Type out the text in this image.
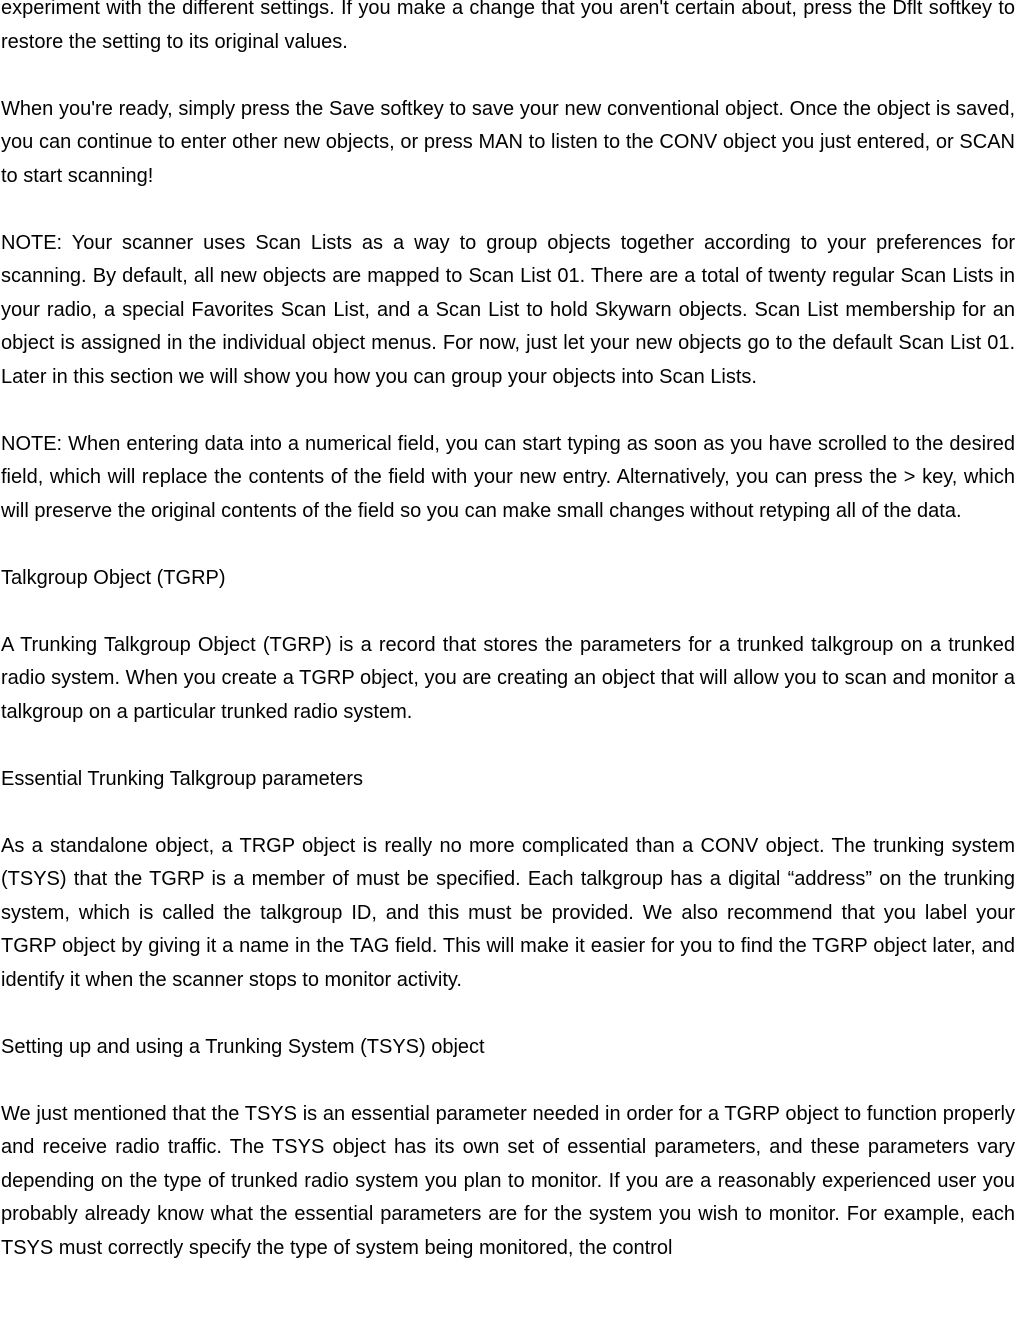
experiment with the different settings. If you make a change that you aren't certain about, press the Dflt softkey to restore the setting to its original values.

When you're ready, simply press the Save softkey to save your new conventional object. Once the object is saved, you can continue to enter other new objects, or press MAN to listen to the CONV object you just entered, or SCAN to start scanning!

NOTE: Your scanner uses Scan Lists as a way to group objects together according to your preferences for scanning. By default, all new objects are mapped to Scan List 01. There are a total of twenty regular Scan Lists in your radio, a special Favorites Scan List, and a Scan List to hold Skywarn objects. Scan List membership for an object is assigned in the individual object menus. For now, just let your new objects go to the default Scan List 01. Later in this section we will show you how you can group your objects into Scan Lists.

NOTE: When entering data into a numerical field, you can start typing as soon as you have scrolled to the desired field, which will replace the contents of the field with your new entry. Alternatively, you can press the > key, which will preserve the original contents of the field so you can make small changes without retyping all of the data.

Talkgroup Object (TGRP)

A Trunking Talkgroup Object (TGRP) is a record that stores the parameters for a trunked talkgroup on a trunked radio system. When you create a TGRP object, you are creating an object that will allow you to scan and monitor a talkgroup on a particular trunked radio system.

Essential Trunking Talkgroup parameters

As a standalone object, a TRGP object is really no more complicated than a CONV object. The trunking system (TSYS) that the TGRP is a member of must be specified. Each talkgroup has a digital “address” on the trunking system, which is called the talkgroup ID, and this must be provided. We also recommend that you label your TGRP object by giving it a name in the TAG field. This will make it easier for you to find the TGRP object later, and identify it when the scanner stops to monitor activity.

Setting up and using a Trunking System (TSYS) object

We just mentioned that the TSYS is an essential parameter needed in order for a TGRP object to function properly and receive radio traffic. The TSYS object has its own set of essential parameters, and these parameters vary depending on the type of trunked radio system you plan to monitor. If you are a reasonably experienced user you probably already know what the essential parameters are for the system you wish to monitor. For example, each TSYS must correctly specify the type of system being monitored, the control
